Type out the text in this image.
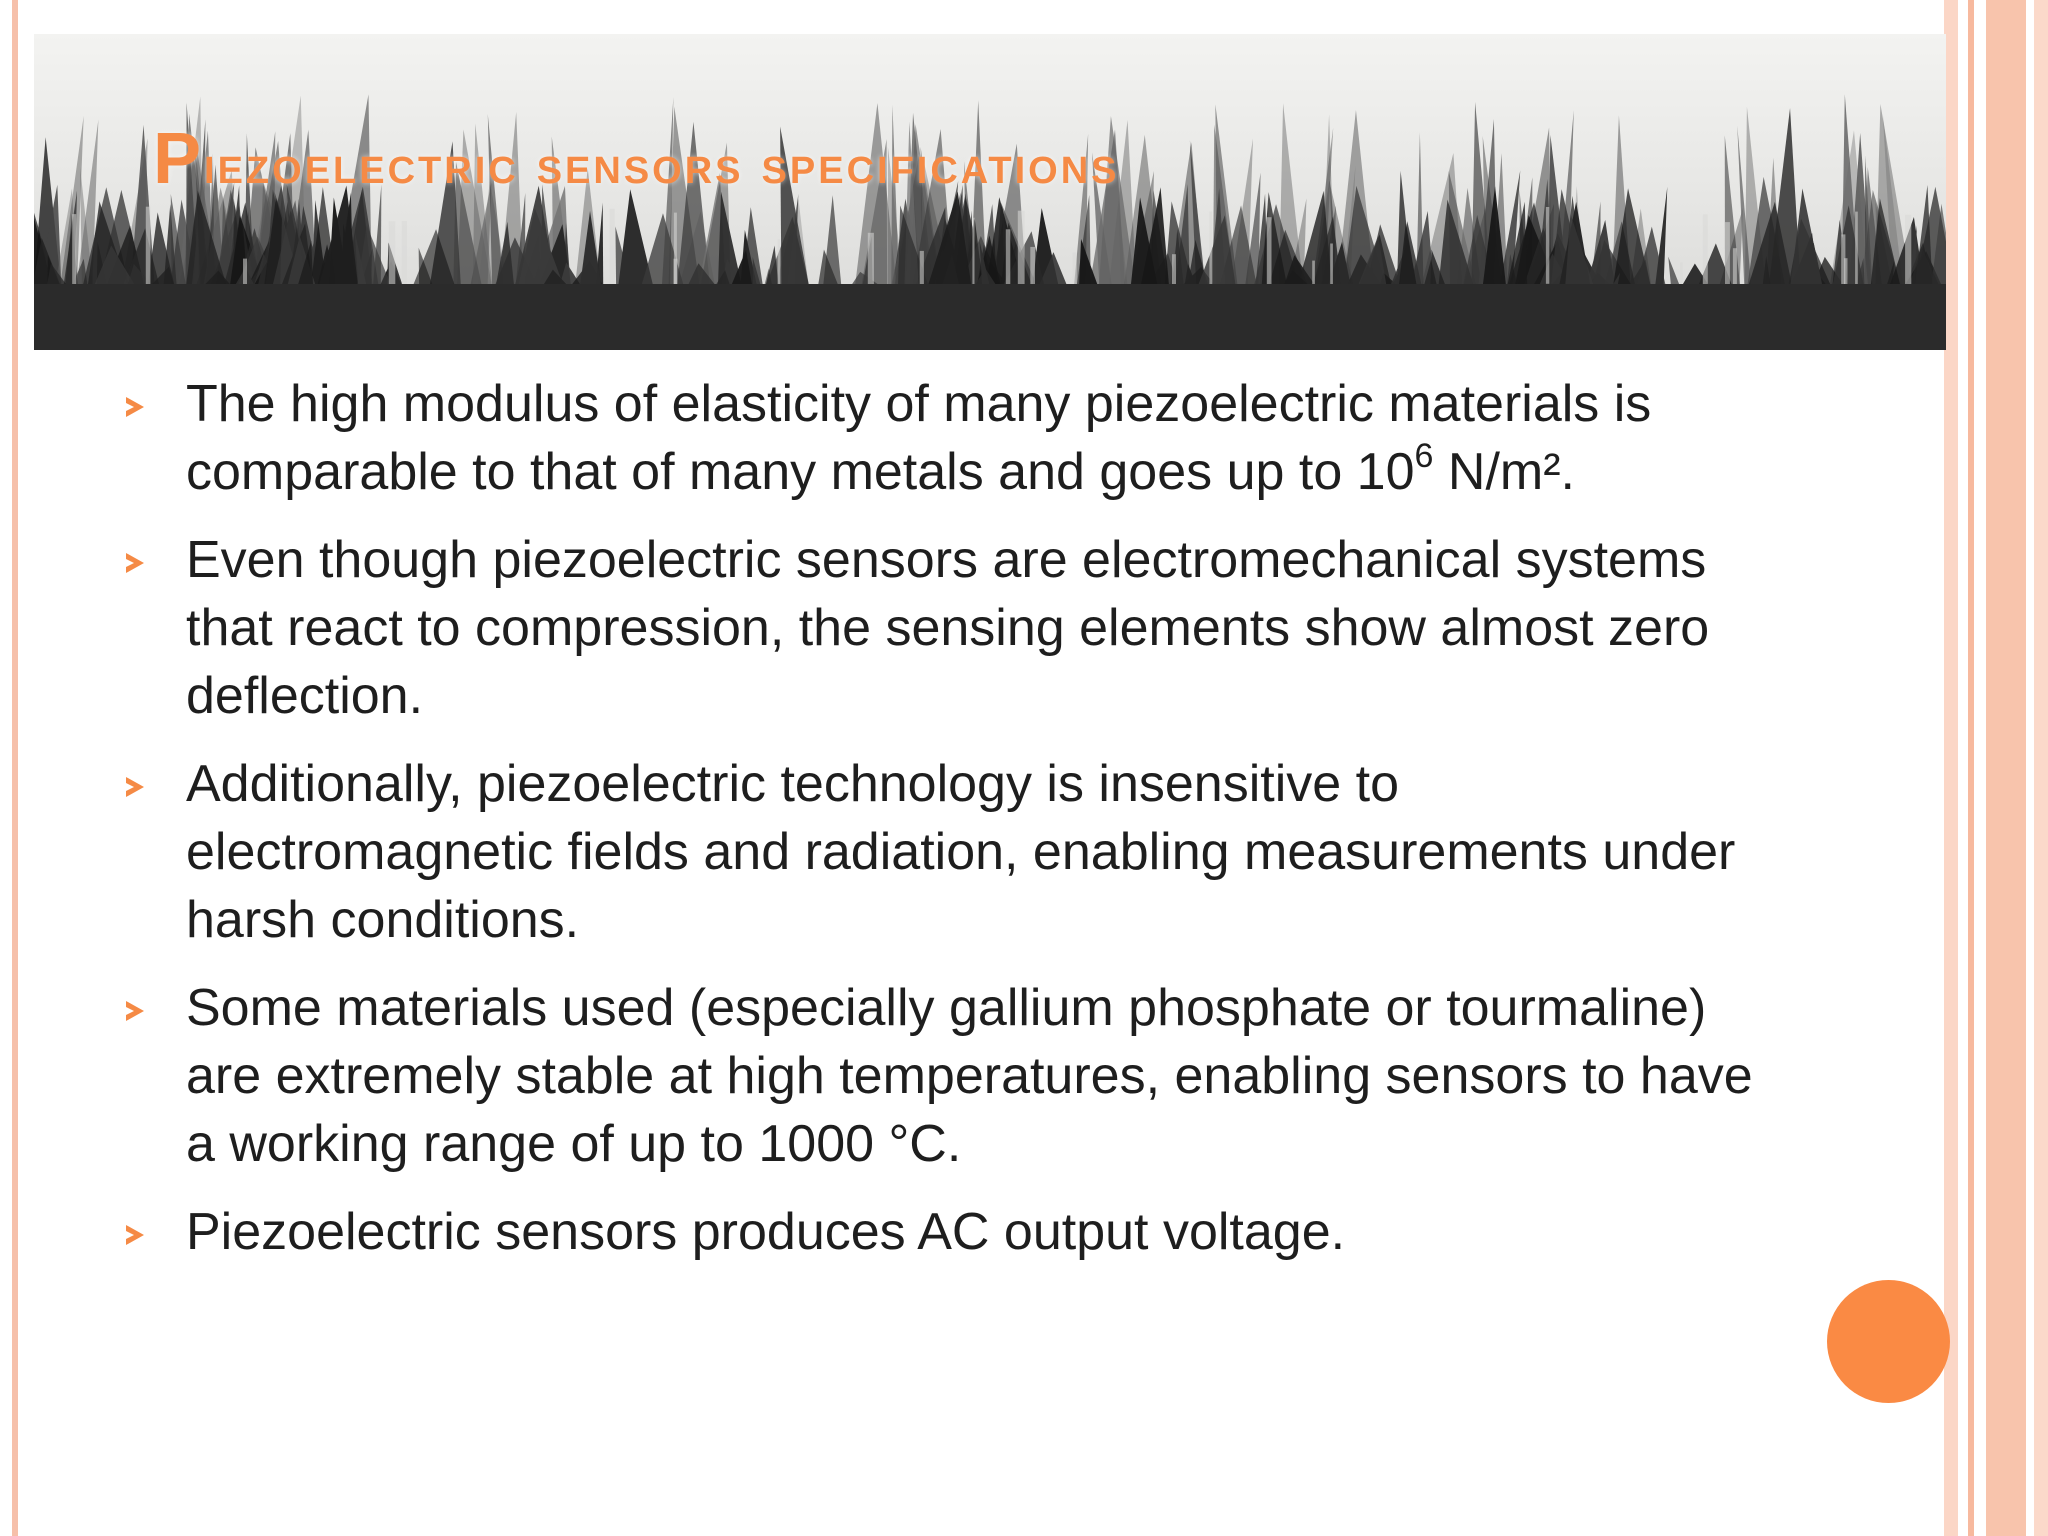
Piezoelectric sensors specifications
The high modulus of elasticity of many piezoelectric materials is comparable to that of many metals and goes up to $10^6$ N/m².
Even though piezoelectric sensors are electromechanical systems that react to compression, the sensing elements show almost zero deflection.
Additionally, piezoelectric technology is insensitive to electromagnetic fields and radiation, enabling measurements under harsh conditions.
Some materials used (especially gallium phosphate or tourmaline) are extremely stable at high temperatures, enabling sensors to have a working range of up to 1000 °C.
Piezoelectric sensors produces AC output voltage.
